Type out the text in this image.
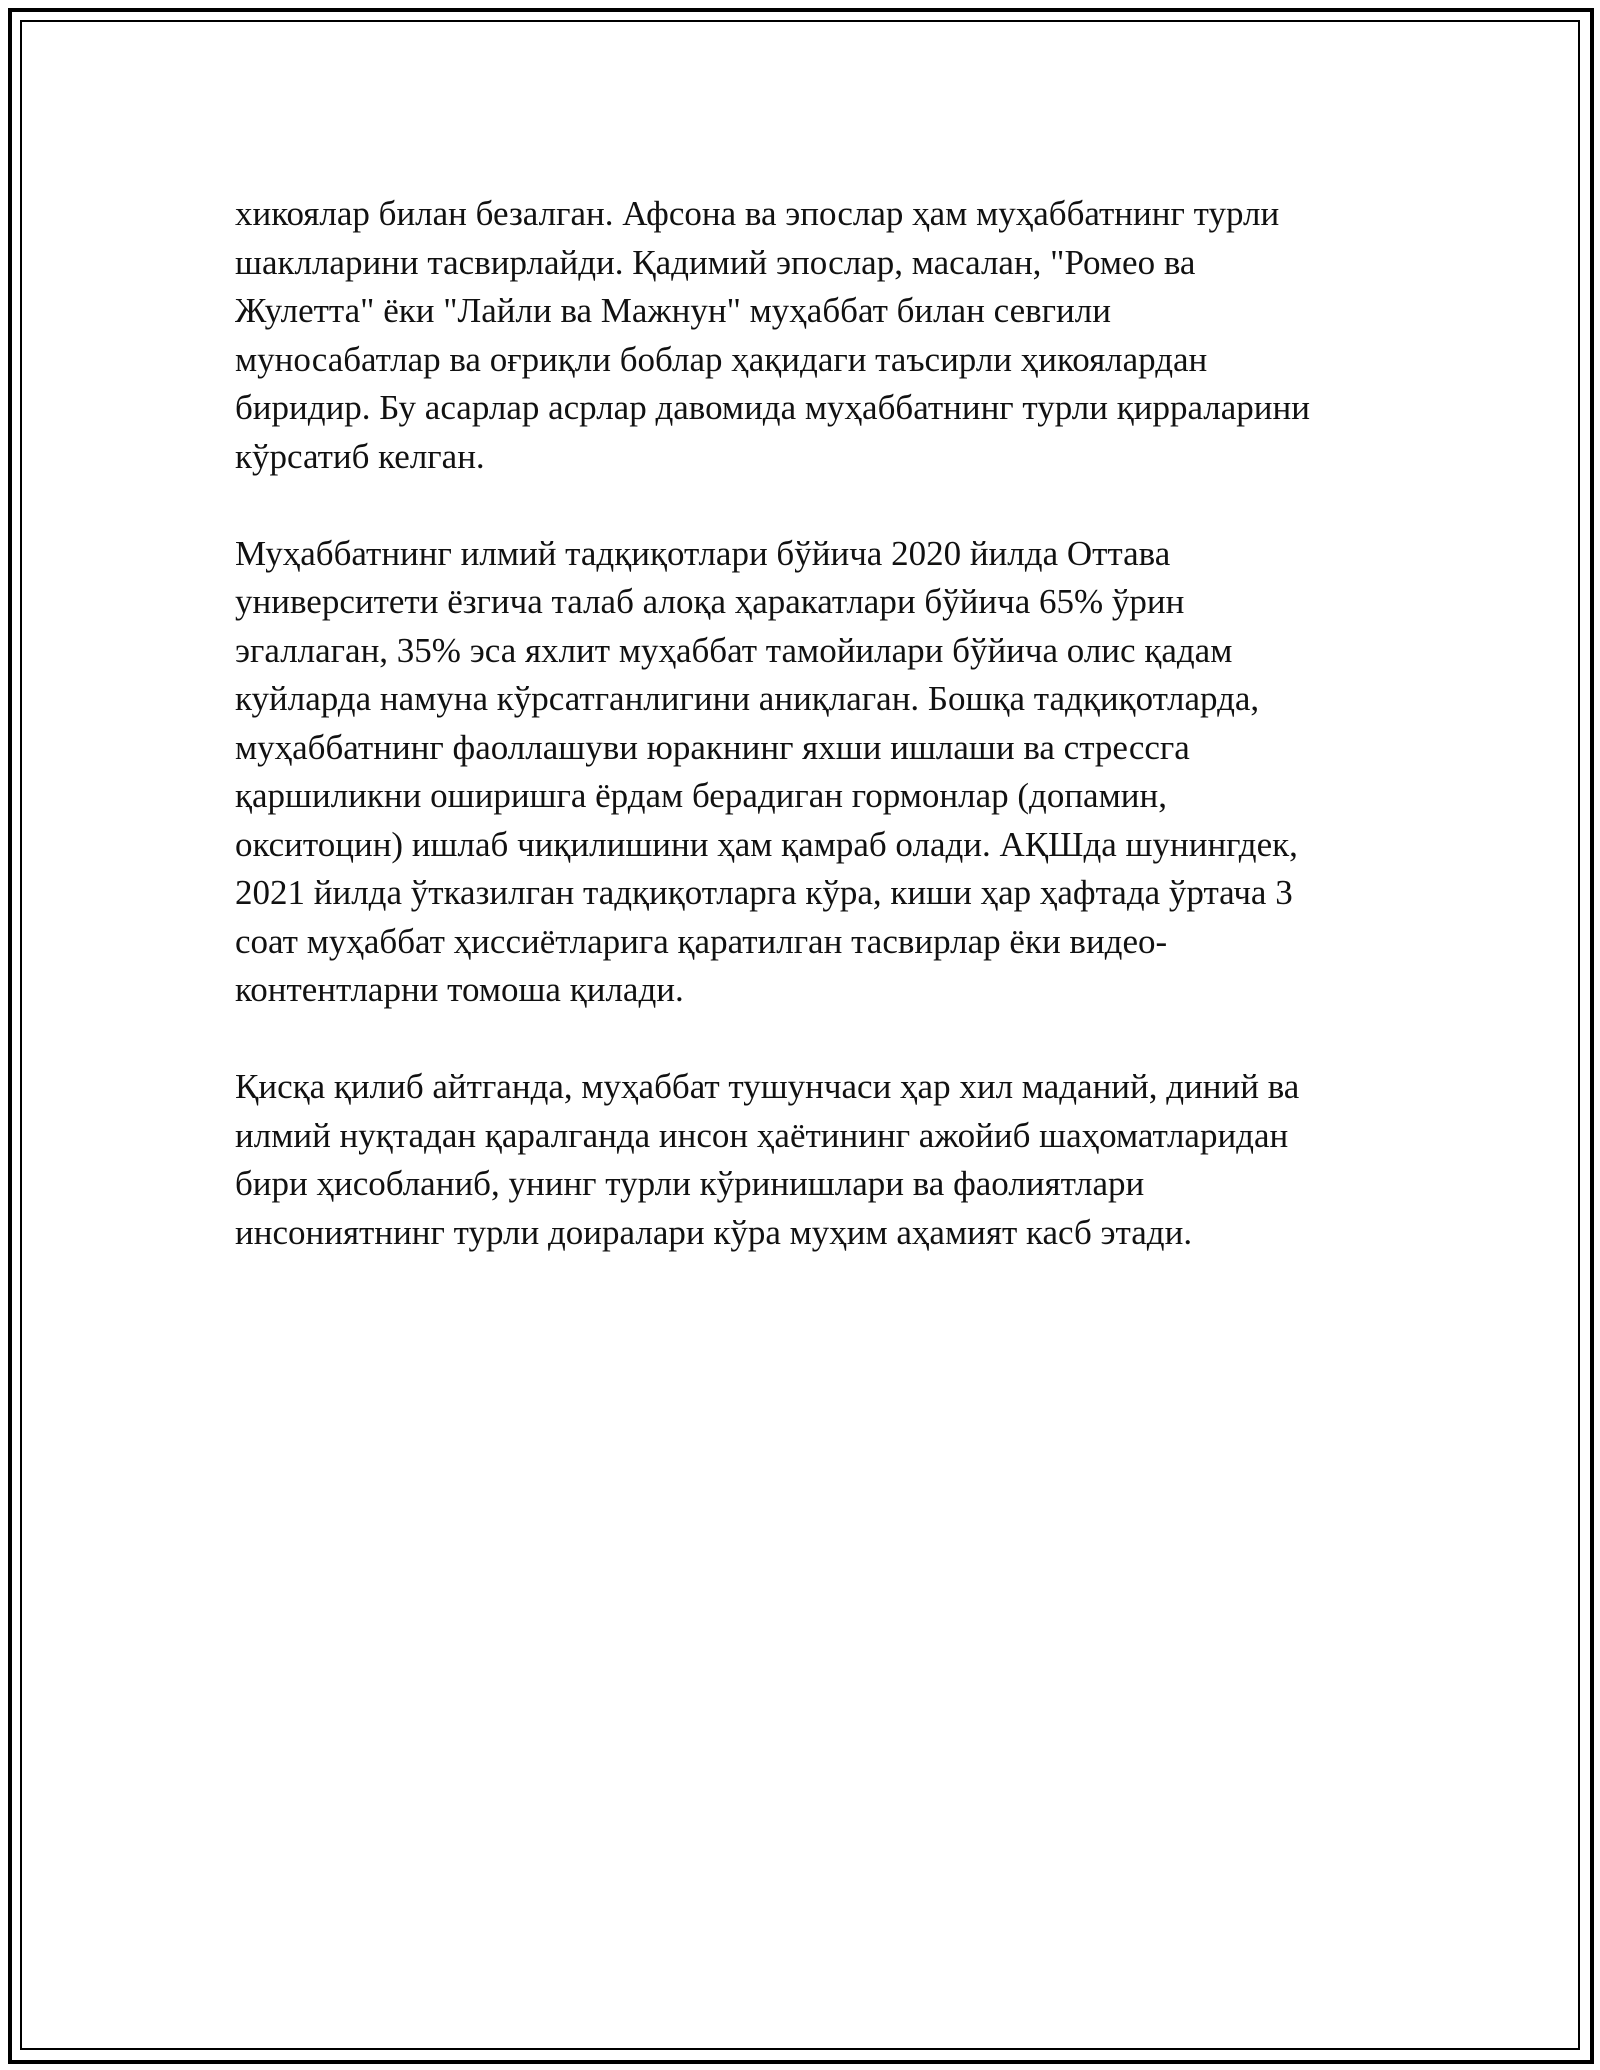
хикоялар билан безалган. Афсона ва эпослар ҳам муҳаббатнинг турли
шаклларини тасвирлайди. Қадимий эпослар, масалан, "Ромео ва
Жулетта" ёки "Лайли ва Мажнун" муҳаббат билан севгили
муносабатлар ва оғриқли боблар ҳақидаги таъсирли ҳикоялардан
биридир. Бу асарлар асрлар давомида муҳаббатнинг турли қирраларини
кўрсатиб келган.
Муҳаббатнинг илмий тадқиқотлари бўйича 2020 йилда Оттава
университети ёзгича талаб алоқа ҳаракатлари бўйича 65% ўрин
эгаллаган, 35% эса яхлит муҳаббат тамойилари бўйича олис қадам
куйларда намуна кўрсатганлигини аниқлаган. Бошқа тадқиқотларда,
муҳаббатнинг фаоллашуви юракнинг яхши ишлаши ва стрессга
қаршиликни оширишга ёрдам берадиган гормонлар (допамин,
окситоцин) ишлаб чиқилишини ҳам қамраб олади. АҚШда шунингдек,
2021 йилда ўтказилган тадқиқотларга кўра, киши ҳар ҳафтада ўртача 3
соат муҳаббат ҳиссиётларига қаратилган тасвирлар ёки видео-
контентларни томоша қилади.
Қисқа қилиб айтганда, муҳаббат тушунчаси ҳар хил маданий, диний ва
илмий нуқтадан қаралганда инсон ҳаётининг ажойиб шаҳоматларидан
бири ҳисобланиб, унинг турли кўринишлари ва фаолиятлари
инсониятнинг турли доиралари кўра муҳим аҳамият касб этади.
